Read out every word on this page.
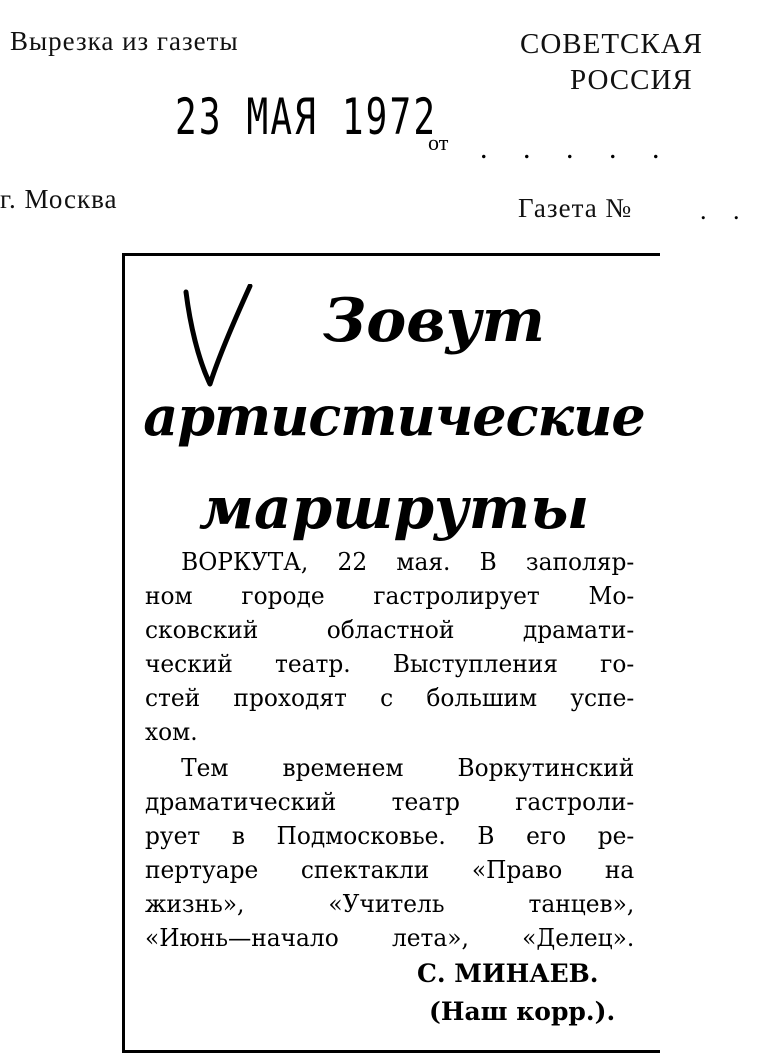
Вырезка из газеты	СОВЕТСКАЯ
РОССИЯ
23 МАЯ 1972
от . . . . .
г. Москва	Газета №	. .
Зовут
артистические
маршруты
ВОРКУТА, 22 мая. В заполяр-
ном городе гастролирует Мо-
сковский областной драмати-
ческий театр. Выступления го-
стей проходят с большим успе-
хом.
Тем временем Воркутинский
драматический театр гастроли-
рует в Подмосковье. В его ре-
пертуаре спектакли «Право на
жизнь», «Учитель танцев»,
«Июнь—начало лета», «Делец».
С. МИНАЕВ.
(Наш корр.).
